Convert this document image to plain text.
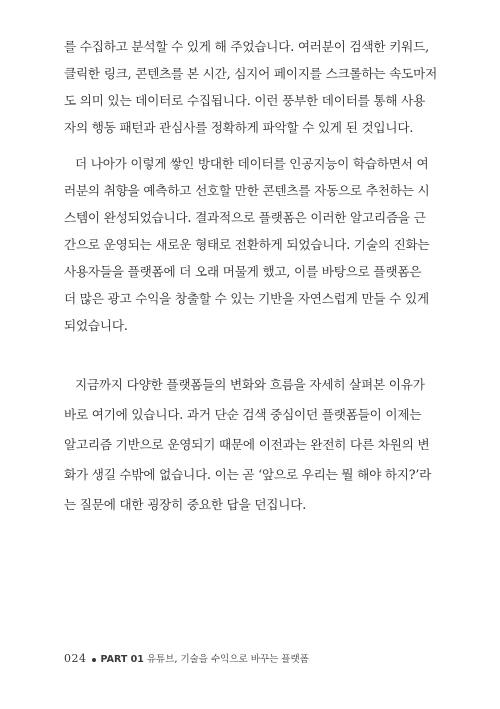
를 수집하고 분석할 수 있게 해 주었습니다. 여러분이 검색한 키워드,
클릭한 링크, 콘텐츠를 본 시간, 심지어 페이지를 스크롤하는 속도마저
도 의미 있는 데이터로 수집됩니다. 이런 풍부한 데이터를 통해 사용
자의 행동 패턴과 관심사를 정확하게 파악할 수 있게 된 것입니다.
더 나아가 이렇게 쌓인 방대한 데이터를 인공지능이 학습하면서 여
러분의 취향을 예측하고 선호할 만한 콘텐츠를 자동으로 추천하는 시
스템이 완성되었습니다. 결과적으로 플랫폼은 이러한 알고리즘을 근
간으로 운영되는 새로운 형태로 전환하게 되었습니다. 기술의 진화는
사용자들을 플랫폼에 더 오래 머물게 했고, 이를 바탕으로 플랫폼은
더 많은 광고 수익을 창출할 수 있는 기반을 자연스럽게 만들 수 있게
되었습니다.
지금까지 다양한 플랫폼들의 변화와 흐름을 자세히 살펴본 이유가
바로 여기에 있습니다. 과거 단순 검색 중심이던 플랫폼들이 이제는
알고리즘 기반으로 운영되기 때문에 이전과는 완전히 다른 차원의 변
화가 생길 수밖에 없습니다. 이는 곧 ‘앞으로 우리는 뭘 해야 하지?’라
는 질문에 대한 굉장히 중요한 답을 던집니다.
024 PART 01 유튜브, 기술을 수익으로 바꾸는 플랫폼
